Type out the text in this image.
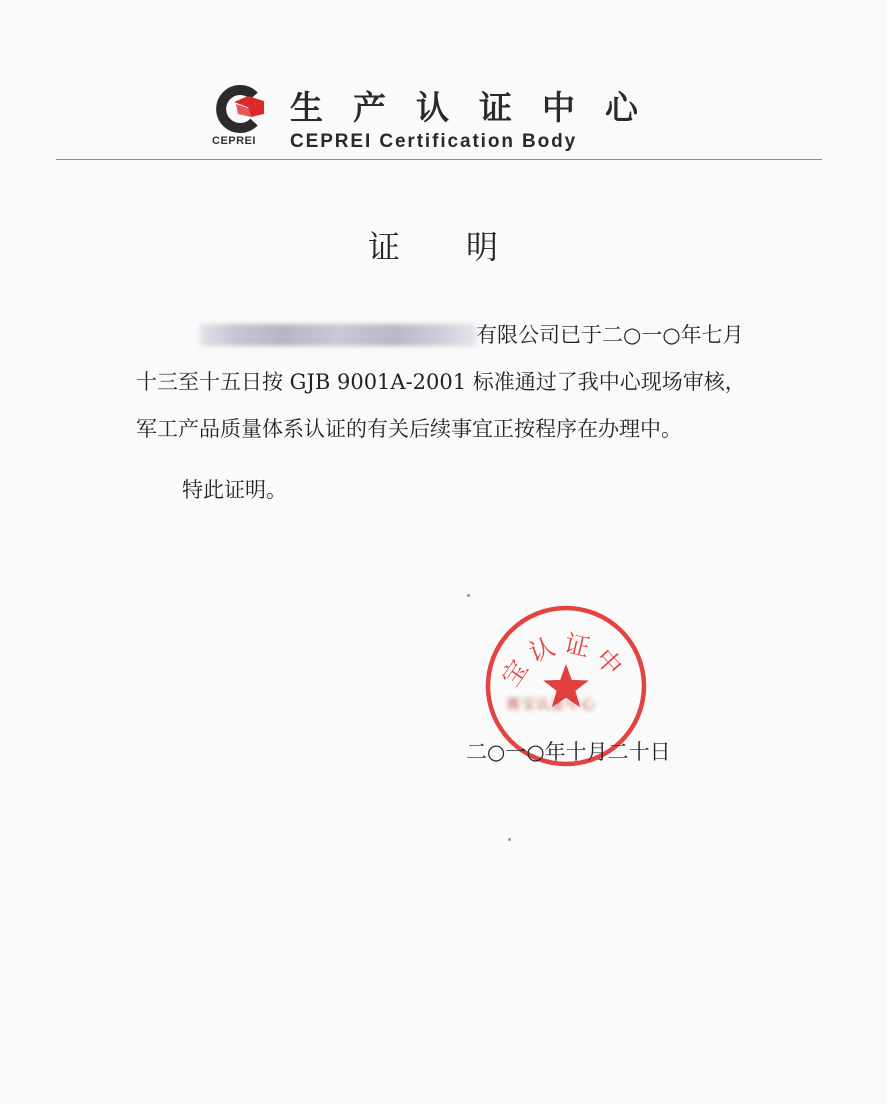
CEPREI
生产认证中心
CEPREI Certification Body
证明

有限公司已于二○一○年七月十三至十五日按 GJB 9001A-2001 标准通过了我中心现场审核，军工产品质量体系认证的有关后续事宜正按程序在办理中。

特此证明。

宝认证中
赛宝认证中心
二○一○年十月二十日
